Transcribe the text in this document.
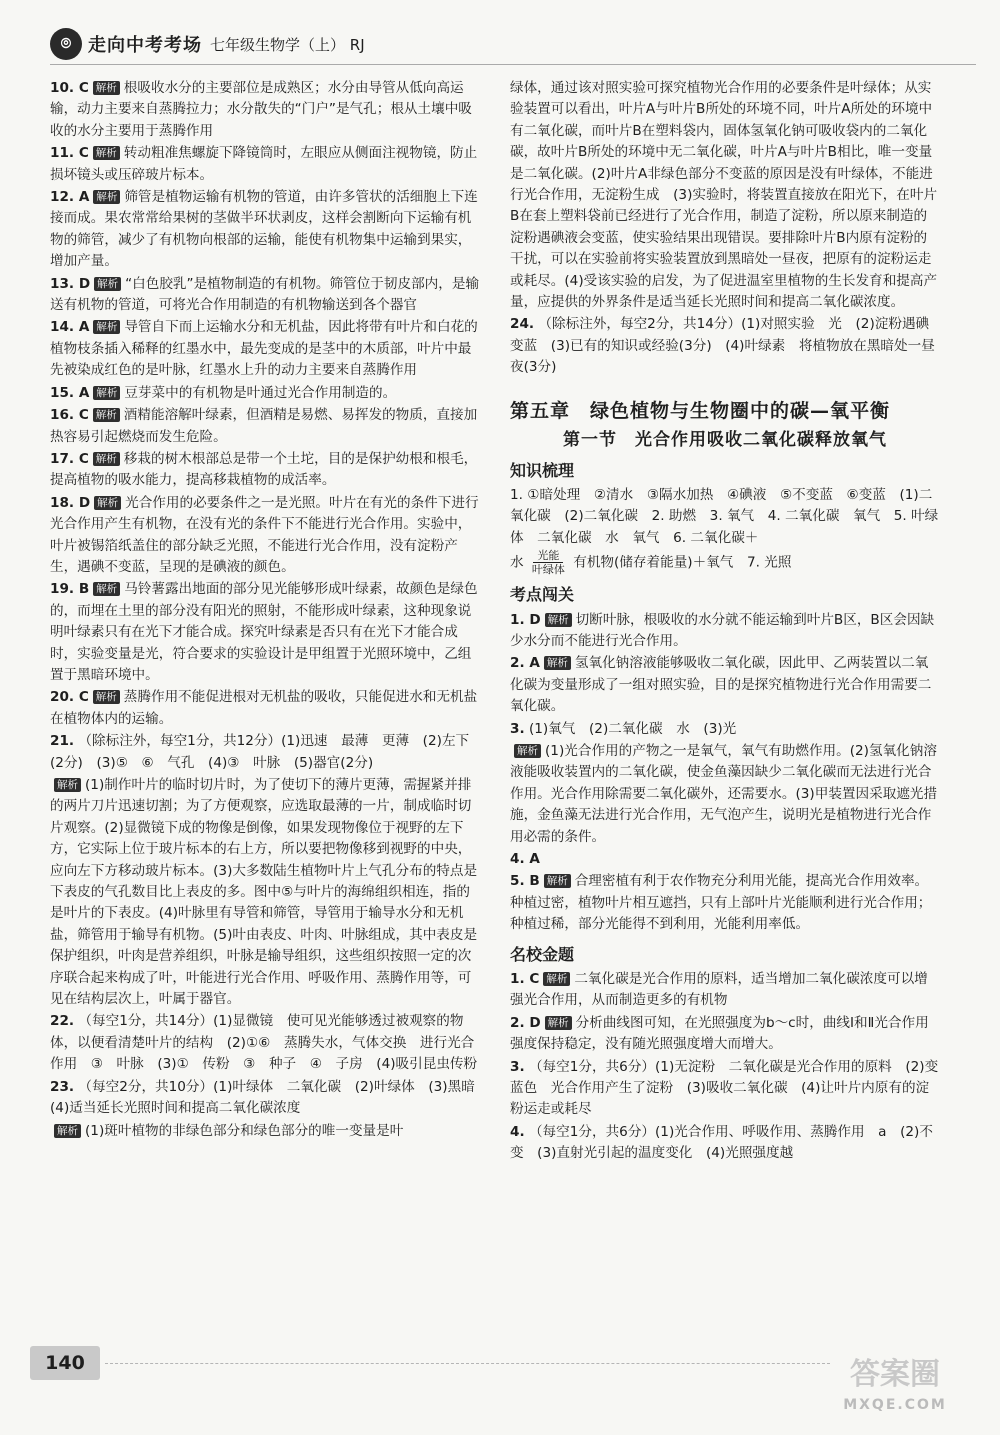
⌾ 走向中考考场 七年级生物学（上） RJ

10. C 解析 根吸收水分的主要部位是成熟区；水分由导管从低向高运输，动力主要来自蒸腾拉力；水分散失的“门户”是气孔；根从土壤中吸收的水分主要用于蒸腾作用

11. C 解析 转动粗准焦螺旋下降镜筒时，左眼应从侧面注视物镜，防止损坏镜头或压碎玻片标本。

12. A 解析 筛管是植物运输有机物的管道，由许多管状的活细胞上下连接而成。果农常常给果树的茎做半环状剥皮，这样会割断向下运输有机物的筛管，减少了有机物向根部的运输，能使有机物集中运输到果实，增加产量。

13. D 解析 “白色胶乳”是植物制造的有机物。筛管位于韧皮部内，是输送有机物的管道，可将光合作用制造的有机物输送到各个器官

14. A 解析 导管自下而上运输水分和无机盐，因此将带有叶片和白花的植物枝条插入稀释的红墨水中，最先变成的是茎中的木质部，叶片中最先被染成红色的是叶脉，红墨水上升的动力主要来自蒸腾作用

15. A 解析 豆芽菜中的有机物是叶通过光合作用制造的。

16. C 解析 酒精能溶解叶绿素，但酒精是易燃、易挥发的物质，直接加热容易引起燃烧而发生危险。

17. C 解析 移栽的树木根部总是带一个土坨，目的是保护幼根和根毛，提高植物的吸水能力，提高移栽植物的成活率。

18. D 解析 光合作用的必要条件之一是光照。叶片在有光的条件下进行光合作用产生有机物，在没有光的条件下不能进行光合作用。实验中，叶片被锡箔纸盖住的部分缺乏光照，不能进行光合作用，没有淀粉产生，遇碘不变蓝，呈现的是碘液的颜色。

19. B 解析 马铃薯露出地面的部分见光能够形成叶绿素，故颜色是绿色的，而埋在土里的部分没有阳光的照射，不能形成叶绿素，这种现象说明叶绿素只有在光下才能合成。探究叶绿素是否只有在光下才能合成时，实验变量是光，符合要求的实验设计是甲组置于光照环境中，乙组置于黑暗环境中。

20. C 解析 蒸腾作用不能促进根对无机盐的吸收，只能促进水和无机盐在植物体内的运输。

21. （除标注外，每空1分，共12分）(1)迅速　最薄　更薄　(2)左下(2分)　(3)⑤　⑥　气孔　(4)③　叶脉　(5)器官(2分)

解析 (1)制作叶片的临时切片时，为了使切下的薄片更薄，需握紧并排的两片刀片迅速切割；为了方便观察，应选取最薄的一片，制成临时切片观察。(2)显微镜下成的物像是倒像，如果发现物像位于视野的左下方，它实际上位于玻片标本的右上方，所以要把物像移到视野的中央，应向左下方移动玻片标本。(3)大多数陆生植物叶片上气孔分布的特点是下表皮的气孔数目比上表皮的多。图中⑤与叶片的海绵组织相连，指的是叶片的下表皮。(4)叶脉里有导管和筛管，导管用于输导水分和无机盐，筛管用于输导有机物。(5)叶由表皮、叶肉、叶脉组成，其中表皮是保护组织，叶肉是营养组织，叶脉是输导组织，这些组织按照一定的次序联合起来构成了叶，叶能进行光合作用、呼吸作用、蒸腾作用等，可见在结构层次上，叶属于器官。

22. （每空1分，共14分）(1)显微镜　使可见光能够透过被观察的物体，以便看清楚叶片的结构　(2)①⑥　蒸腾失水，气体交换　进行光合作用　③　叶脉　(3)①　传粉　③　种子　④　子房　(4)吸引昆虫传粉

23. （每空2分，共10分）(1)叶绿体　二氧化碳　(2)叶绿体　(3)黑暗　(4)适当延长光照时间和提高二氧化碳浓度

解析 (1)斑叶植物的非绿色部分和绿色部分的唯一变量是叶

绿体，通过该对照实验可探究植物光合作用的必要条件是叶绿体；从实验装置可以看出，叶片A与叶片B所处的环境不同，叶片A所处的环境中有二氧化碳，而叶片B在塑料袋内，固体氢氧化钠可吸收袋内的二氧化碳，故叶片B所处的环境中无二氧化碳，叶片A与叶片B相比，唯一变量是二氧化碳。(2)叶片A非绿色部分不变蓝的原因是没有叶绿体，不能进行光合作用，无淀粉生成　(3)实验时，将装置直接放在阳光下，在叶片B在套上塑料袋前已经进行了光合作用，制造了淀粉，所以原来制造的淀粉遇碘液会变蓝，使实验结果出现错误。要排除叶片B内原有淀粉的干扰，可以在实验前将实验装置放到黑暗处一昼夜，把原有的淀粉运走或耗尽。(4)受该实验的启发，为了促进温室里植物的生长发育和提高产量，应提供的外界条件是适当延长光照时间和提高二氧化碳浓度。

24. （除标注外，每空2分，共14分）(1)对照实验　光　(2)淀粉遇碘变蓝　(3)已有的知识或经验(3分)　(4)叶绿素　将植物放在黑暗处一昼夜(3分)

第五章　绿色植物与生物圈中的碳—氧平衡
第一节　光合作用吸收二氧化碳释放氧气
知识梳理

1. ①暗处理　②清水　③隔水加热　④碘液　⑤不变蓝　⑥变蓝　(1)二氧化碳　(2)二氧化碳　2. 助燃　3. 氧气　4. 二氧化碳　氧气　5. 叶绿体　二氧化碳　水　氧气　6. 二氧化碳＋
水 $\frac{\text{光能}}{\text{叶绿体}}$ 有机物(储存着能量)＋氧气　7. 光照

考点闯关

1. D 解析 切断叶脉，根吸收的水分就不能运输到叶片B区，B区会因缺少水分而不能进行光合作用。

2. A 解析 氢氧化钠溶液能够吸收二氧化碳，因此甲、乙两装置以二氧化碳为变量形成了一组对照实验，目的是探究植物进行光合作用需要二氧化碳。

3. (1)氧气　(2)二氧化碳　水　(3)光

解析 (1)光合作用的产物之一是氧气，氧气有助燃作用。(2)氢氧化钠溶液能吸收装置内的二氧化碳，使金鱼藻因缺少二氧化碳而无法进行光合作用。光合作用除需要二氧化碳外，还需要水。(3)甲装置因采取遮光措施，金鱼藻无法进行光合作用，无气泡产生，说明光是植物进行光合作用必需的条件。

4. A

5. B 解析 合理密植有利于农作物充分利用光能，提高光合作用效率。种植过密，植物叶片相互遮挡，只有上部叶片光能顺利进行光合作用；种植过稀，部分光能得不到利用，光能利用率低。

名校金题

1. C 解析 二氧化碳是光合作用的原料，适当增加二氧化碳浓度可以增强光合作用，从而制造更多的有机物

2. D 解析 分析曲线图可知，在光照强度为b～c时，曲线Ⅰ和Ⅱ光合作用强度保持稳定，没有随光照强度增大而增大。

3. （每空1分，共6分）(1)无淀粉　二氧化碳是光合作用的原料　(2)变蓝色　光合作用产生了淀粉　(3)吸收二氧化碳　(4)让叶片内原有的淀粉运走或耗尽

4. （每空1分，共6分）(1)光合作用、呼吸作用、蒸腾作用　a　(2)不变　(3)直射光引起的温度变化　(4)光照强度越

140	答案圈
MXQE.COM
